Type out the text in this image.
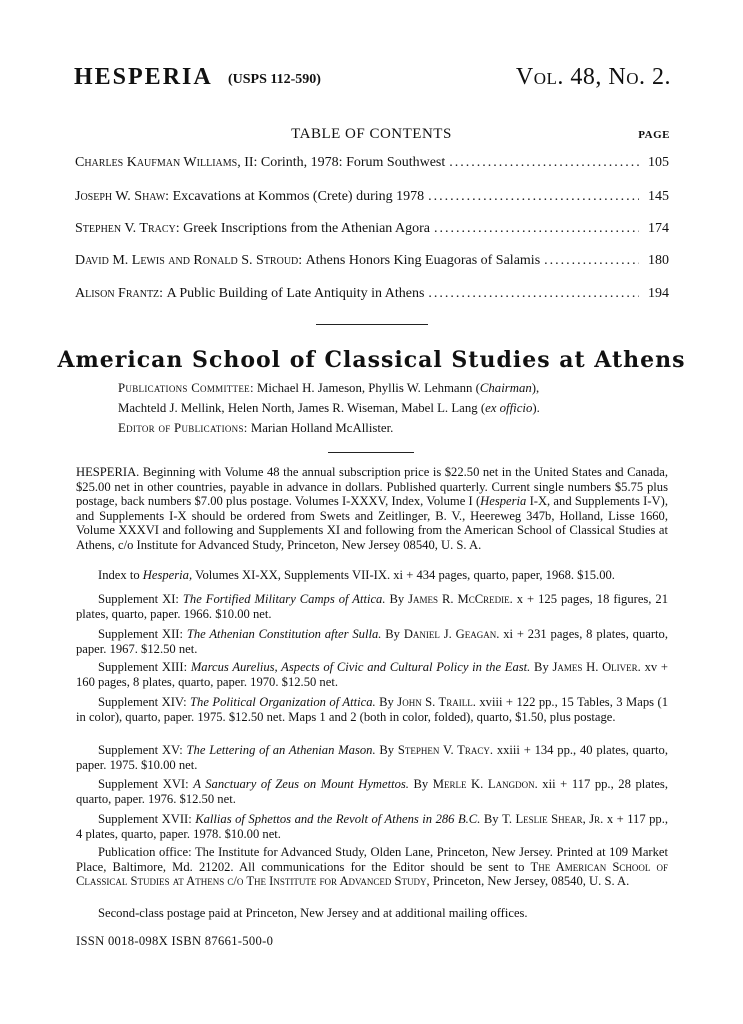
HESPERIA (USPS 112-590)	Vol. 48, No. 2.
TABLE OF CONTENTS	PAGE
Charles Kaufman Williams, II:
Corinth, 1978: Forum Southwest .....	105
Joseph W. Shaw:
Excavations at Kommos (Crete) during 1978 .....	145
Stephen V. Tracy:
Greek Inscriptions from the Athenian Agora .....	174
David M. Lewis and Ronald S. Stroud:
Athens Honors King Euagoras of Salamis .....	180
Alison Frantz:
A Public Building of Late Antiquity in Athens .....	194
American School of Classical Studies at Athens
Publications Committee: Michael H. Jameson, Phyllis W. Lehmann (Chairman),
Machteld J. Mellink, Helen North, James R. Wiseman, Mabel L. Lang (ex officio).
Editor of Publications: Marian Holland McAllister.
HESPERIA. Beginning with Volume 48 the annual subscription price is $22.50 net in the United States and Canada, $25.00 net in other countries, payable in advance in dollars. Published quarterly. Current single numbers $5.75 plus postage, back numbers $7.00 plus postage. Volumes I-XXXV, Index, Volume I (Hesperia I-X, and Supplements I-V), and Supplements I-X should be ordered from Swets and Zeitlinger, B. V., Heereweg 347b, Holland, Lisse 1660, Volume XXXVI and following and Supplements XI and following from the American School of Classical Studies at Athens, c/o Institute for Advanced Study, Princeton, New Jersey 08540, U. S. A.
Index to Hesperia, Volumes XI-XX, Supplements VII-IX. xi + 434 pages, quarto, paper, 1968. $15.00.
Supplement XI: The Fortified Military Camps of Attica. By James R. McCredie. x + 125 pages, 18 figures, 21 plates, quarto, paper. 1966. $10.00 net.
Supplement XII: The Athenian Constitution after Sulla. By Daniel J. Geagan. xi + 231 pages, 8 plates, quarto, paper. 1967. $12.50 net.
Supplement XIII: Marcus Aurelius, Aspects of Civic and Cultural Policy in the East. By James H. Oliver. xv + 160 pages, 8 plates, quarto, paper. 1970. $12.50 net.
Supplement XIV: The Political Organization of Attica. By John S. Traill. xviii + 122 pp., 15 Tables, 3 Maps (1 in color), quarto, paper. 1975. $12.50 net. Maps 1 and 2 (both in color, folded), quarto, $1.50, plus postage.
Supplement XV: The Lettering of an Athenian Mason. By Stephen V. Tracy. xxiii + 134 pp., 40 plates, quarto, paper. 1975. $10.00 net.
Supplement XVI: A Sanctuary of Zeus on Mount Hymettos. By Merle K. Langdon. xii + 117 pp., 28 plates, quarto, paper. 1976. $12.50 net.
Supplement XVII: Kallias of Sphettos and the Revolt of Athens in 286 B.C. By T. Leslie Shear, Jr. x + 117 pp., 4 plates, quarto, paper. 1978. $10.00 net.
Publication office: The Institute for Advanced Study, Olden Lane, Princeton, New Jersey. Printed at 109 Market Place, Baltimore, Md. 21202. All communications for the Editor should be sent to The American School of Classical Studies at Athens c/o The Institute for Advanced Study, Princeton, New Jersey, 08540, U. S. A.
Second-class postage paid at Princeton, New Jersey and at additional mailing offices.
ISSN 0018-098X ISBN 87661-500-0
